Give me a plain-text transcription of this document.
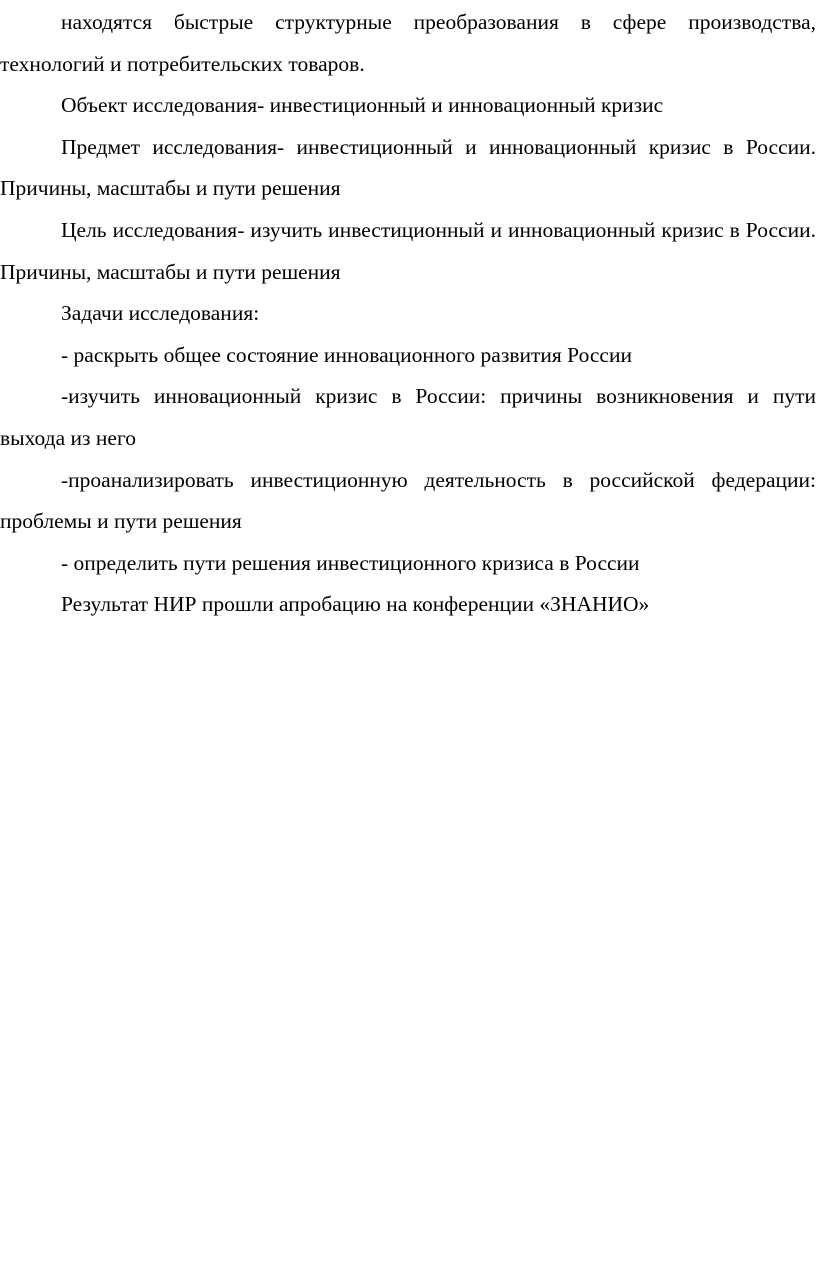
находятся быстрые структурные преобразования в сфере производства, технологий и потребительских товаров.

Объект исследования- инвестиционный и инновационный кризис

Предмет исследования- инвестиционный и инновационный кризис в России. Причины, масштабы и пути решения

Цель исследования- изучить инвестиционный и инновационный кризис в России. Причины, масштабы и пути решения

Задачи исследования:

- раскрыть общее состояние инновационного развития России

-изучить инновационный кризис в России: причины возникновения и пути выхода из него

-проанализировать инвестиционную деятельность в российской федерации: проблемы и пути решения

- определить пути решения инвестиционного кризиса в России

Результат НИР прошли апробацию на конференции «ЗНАНИО»
